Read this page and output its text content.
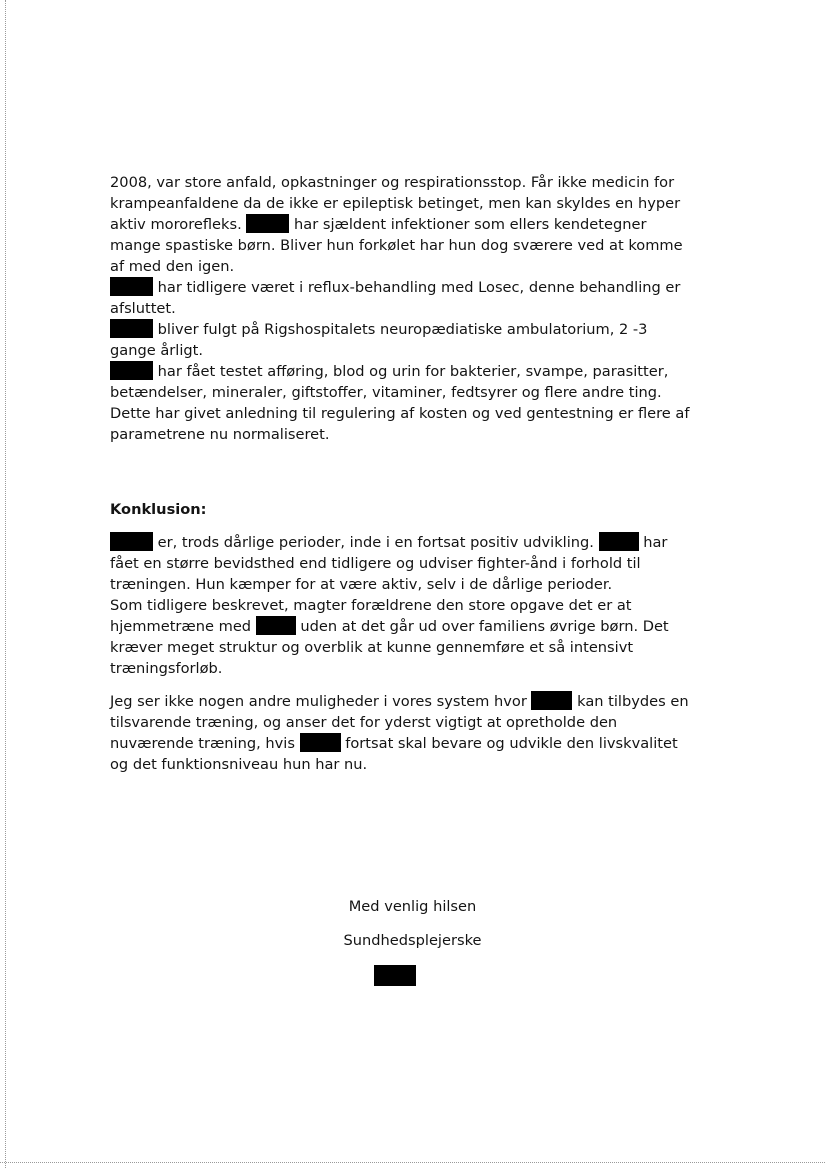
2008, var store anfald, opkastninger og respirationsstop. Får ikke medicin for krampeanfaldene da de ikke er epileptisk betinget, men kan skyldes en hyper aktiv mororefleks.	har sjældent infektioner som ellers kendetegner mange spastiske børn. Bliver hun forkølet har hun dog sværere ved at komme af med den igen.

har tidligere været i reflux-behandling med Losec, denne behandling er afsluttet.

bliver fulgt på Rigshospitalets neuropædiatiske ambulatorium, 2 -3 gange årligt.

har fået testet afføring, blod og urin for bakterier, svampe, parasitter, betændelser, mineraler, giftstoffer, vitaminer, fedtsyrer og flere andre ting. Dette har givet anledning til regulering af kosten og ved gentestning er flere af parametrene nu normaliseret.

Konklusion:

er, trods dårlige perioder, inde i en fortsat positiv udvikling.	har fået en større bevidsthed end tidligere og udviser fighter-ånd i forhold til træningen. Hun kæmper for at være aktiv, selv i de dårlige perioder.

Som tidligere beskrevet, magter forældrene den store opgave det er at hjemmetræne med	uden at det går ud over familiens øvrige børn. Det kræver meget struktur og overblik at kunne gennemføre et så intensivt træningsforløb.

Jeg ser ikke nogen andre muligheder i vores system hvor	kan tilbydes en tilsvarende træning, og anser det for yderst vigtigt at opretholde den nuværende træning, hvis	fortsat skal bevare og udvikle den livskvalitet og det funktionsniveau hun har nu.

Med venlig hilsen
Sundhedsplejerske
